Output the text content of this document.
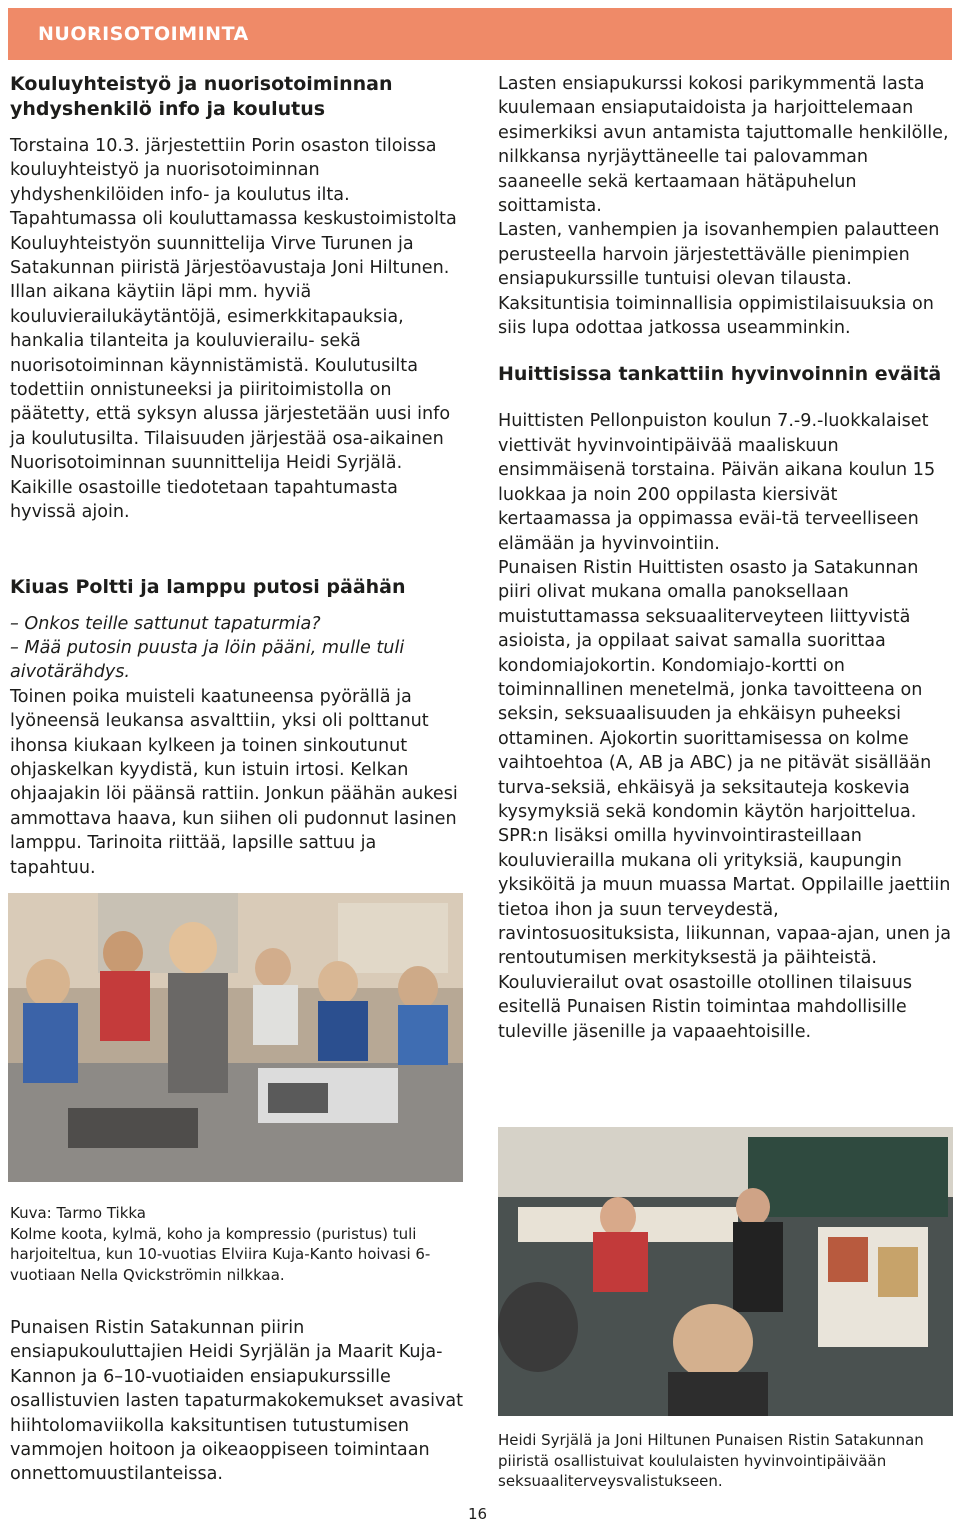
NUORISOTOIMINTA

Kouluyhteistyö ja nuorisotoiminnan yhdyshenkilö info ja koulutus

Torstaina 10.3. järjestettiin Porin osaston tiloissa kouluyhteistyö ja nuorisotoiminnan yhdyshenkilöiden info- ja koulutus ilta. Tapahtumassa oli kouluttamassa keskustoimistolta Kouluyhteistyön suunnittelija Virve Turunen ja Satakunnan piiristä Järjestöavustaja Joni Hiltunen. Illan aikana käytiin läpi mm. hyviä kouluvierailukäytäntöjä, esimerkkitapauksia, hankalia tilanteita ja kouluvierailu- sekä nuorisotoiminnan käynnistämistä. Koulutusilta todettiin onnistuneeksi ja piiritoimistolla on päätetty, että syksyn alussa järjestetään uusi info ja koulutusilta. Tilaisuuden järjestää osa-aikainen Nuorisotoiminnan suunnittelija Heidi Syrjälä. Kaikille osastoille tiedotetaan tapahtumasta hyvissä ajoin.

Kiuas Poltti ja lamppu putosi päähän

– Onkos teille sattunut tapaturmia?

– Mää putosin puusta ja löin pääni, mulle tuli aivotärähdys.

Toinen poika muisteli kaatuneensa pyörällä ja lyöneensä leukansa asvalttiin, yksi oli polttanut ihonsa kiukaan kylkeen ja toinen sinkoutunut ohjaskelkan kyydistä, kun istuin irtosi. Kelkan ohjaajakin löi päänsä rattiin. Jonkun päähän aukesi ammottava haava, kun siihen oli pudonnut lasinen lamppu. Tarinoita riittää, lapsille sattuu ja tapahtuu.

Lasten ensiapukurssi kokosi parikymmentä lasta kuulemaan ensiaputaidoista ja harjoittelemaan esimerkiksi avun antamista tajuttomalle henkilölle, nilkkansa nyrjäyttäneelle tai palovamman saaneelle sekä kertaamaan hätäpuhelun soittamista.

Lasten, vanhempien ja isovanhempien palautteen perusteella harvoin järjestettävälle pienimpien ensiapukurssille tuntuisi olevan tilausta. Kaksituntisia toiminnallisia oppimistilaisuuksia on siis lupa odottaa jatkossa useamminkin.

Huittisissa tankattiin hyvinvoinnin eväitä

Huittisten Pellonpuiston koulun 7.-9.-luokkalaiset viettivät hyvinvointipäivää maaliskuun ensimmäisenä torstaina. Päivän aikana koulun 15 luokkaa ja noin 200 oppilasta kiersivät kertaamassa ja oppimassa eväi-tä terveelliseen elämään ja hyvinvointiin.

Punaisen Ristin Huittisten osasto ja Satakunnan piiri olivat mukana omalla panoksellaan muistuttamassa seksuaaliterveyteen liittyvistä asioista, ja oppilaat saivat samalla suorittaa kondomiajokortin. Kondomiajo-kortti on toiminnallinen menetelmä, jonka tavoitteena on seksin, seksuaalisuuden ja ehkäisyn puheeksi ottaminen. Ajokortin suorittamisessa on kolme vaihtoehtoa (A, AB ja ABC) ja ne pitävät sisällään turva-seksiä, ehkäisyä ja seksitauteja koskevia kysymyksiä sekä kondomin käytön harjoittelua.

SPR:n lisäksi omilla hyvinvointirasteillaan kouluvierailla mukana oli yrityksiä, kaupungin yksiköitä ja muun muassa Martat. Oppilaille jaettiin tietoa ihon ja suun terveydestä, ravintosuosituksista, liikunnan, vapaa-ajan, unen ja rentoutumisen merkityksestä ja päihteistä. Kouluvierailut ovat osastoille otollinen tilaisuus esitellä Punaisen Ristin toimintaa mahdollisille tuleville jäsenille ja vapaaehtoisille.

Kuva: Tarmo Tikka
Kolme koota, kylmä, koho ja kompressio (puristus) tuli harjoiteltua, kun 10-vuotias Elviira Kuja-Kanto hoivasi 6-vuotiaan Nella Qvickströmin nilkkaa.
Punaisen Ristin Satakunnan piirin ensiapukouluttajien Heidi Syrjälän ja Maarit Kuja-Kannon ja 6–10-vuotiaiden ensiapukurssille osallistuvien lasten tapaturmakokemukset avasivat hiihtolomaviikolla kaksituntisen tutustumisen vammojen hoitoon ja oikeaoppiseen toimintaan onnettomuustilanteissa.
Heidi Syrjälä ja Joni Hiltunen Punaisen Ristin Satakunnan piiristä osallistuivat koululaisten hyvinvointipäivään seksuaaliterveysvalistukseen.
16
